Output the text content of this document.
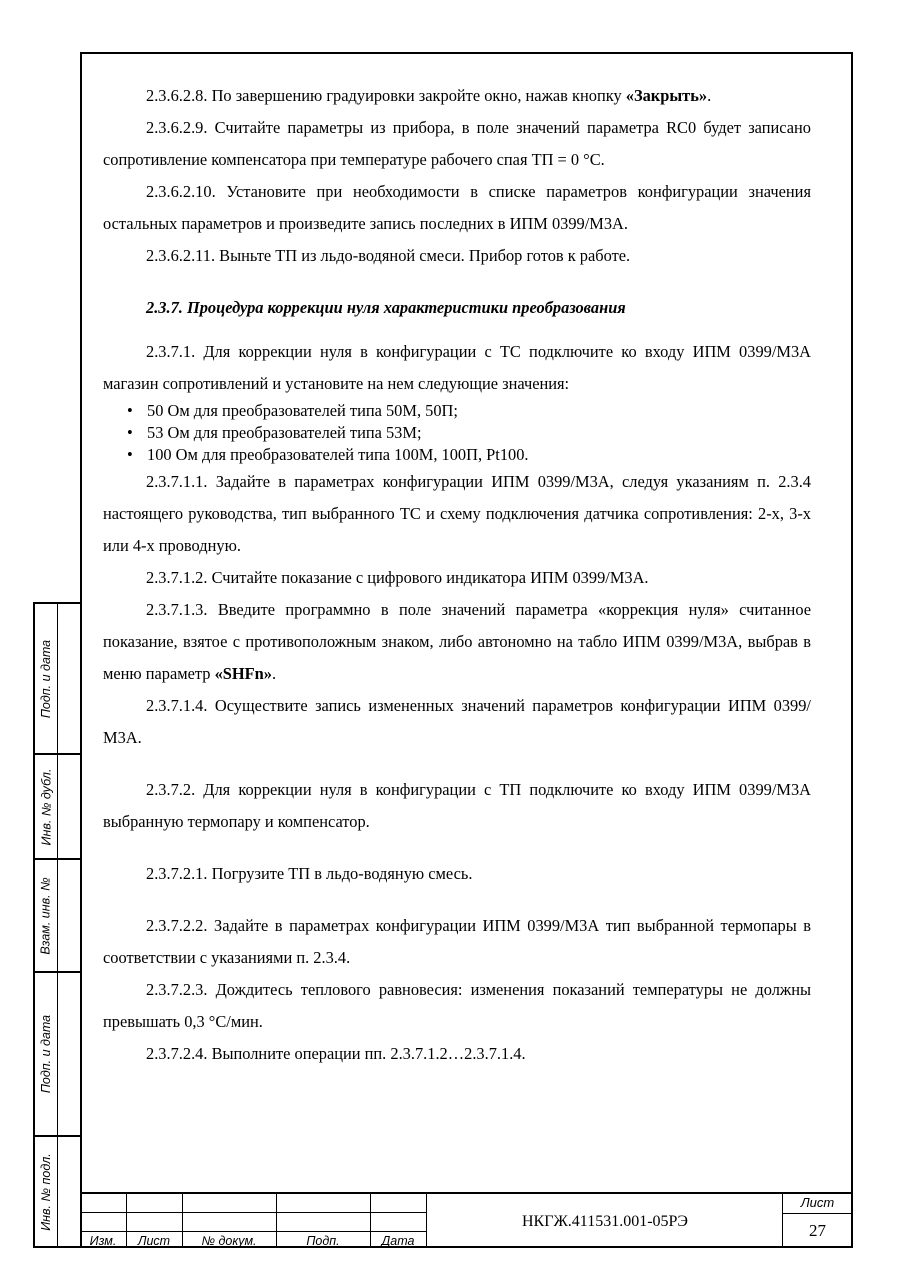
2.3.6.2.8. По завершению градуировки закройте окно, нажав кнопку «Закрыть».

2.3.6.2.9. Считайте параметры из прибора, в поле значений параметра RC0 будет записано сопротивление компенсатора при температуре рабочего спая ТП = 0 °С.

2.3.6.2.10. Установите при необходимости в списке параметров конфигурации значения остальных параметров и произведите запись последних в ИПМ 0399/М3А.

2.3.6.2.11. Выньте ТП из льдо-водяной смеси. Прибор готов к работе.

2.3.7. Процедура коррекции нуля характеристики преобразования

2.3.7.1. Для коррекции нуля в конфигурации с ТС подключите ко входу ИПМ 0399/М3А магазин сопротивлений и установите на нем следующие значения:

• 50 Ом для преобразователей типа 50М, 50П;
• 53 Ом для преобразователей типа 53М;
• 100 Ом для преобразователей типа 100М, 100П, Pt100.

2.3.7.1.1. Задайте в параметрах конфигурации ИПМ 0399/М3А, следуя указаниям п. 2.3.4 настоящего руководства, тип выбранного ТС и схему подключения датчика сопротивления: 2-х, 3-х или 4-х проводную.

2.3.7.1.2. Считайте показание с цифрового индикатора ИПМ 0399/М3А.

2.3.7.1.3. Введите программно в поле значений параметра «коррекция нуля» считанное показание, взятое с противоположным знаком, либо автономно на табло ИПМ 0399/М3А, выбрав в меню параметр «SHFn».

2.3.7.1.4. Осуществите запись измененных значений параметров конфигурации ИПМ 0399/М3А.

2.3.7.2. Для коррекции нуля в конфигурации с ТП подключите ко входу ИПМ 0399/М3А выбранную термопару и компенсатор.

2.3.7.2.1. Погрузите ТП в льдо-водяную смесь.

2.3.7.2.2. Задайте в параметрах конфигурации ИПМ 0399/М3А тип выбранной термопары в соответствии с указаниями п. 2.3.4.

2.3.7.2.3. Дождитесь теплового равновесия: изменения показаний температуры не должны превышать 0,3 °С/мин.

2.3.7.2.4. Выполните операции пп. 2.3.7.1.2…2.3.7.1.4.

Подп. и дата
Инв. № дубл.
Взам. инв. №
Подп. и дата
Инв. № подл.
Изм.	Лист	№ докум.	Подп.	Дата
НКГЖ.411531.001-05РЭ
Лист
27
